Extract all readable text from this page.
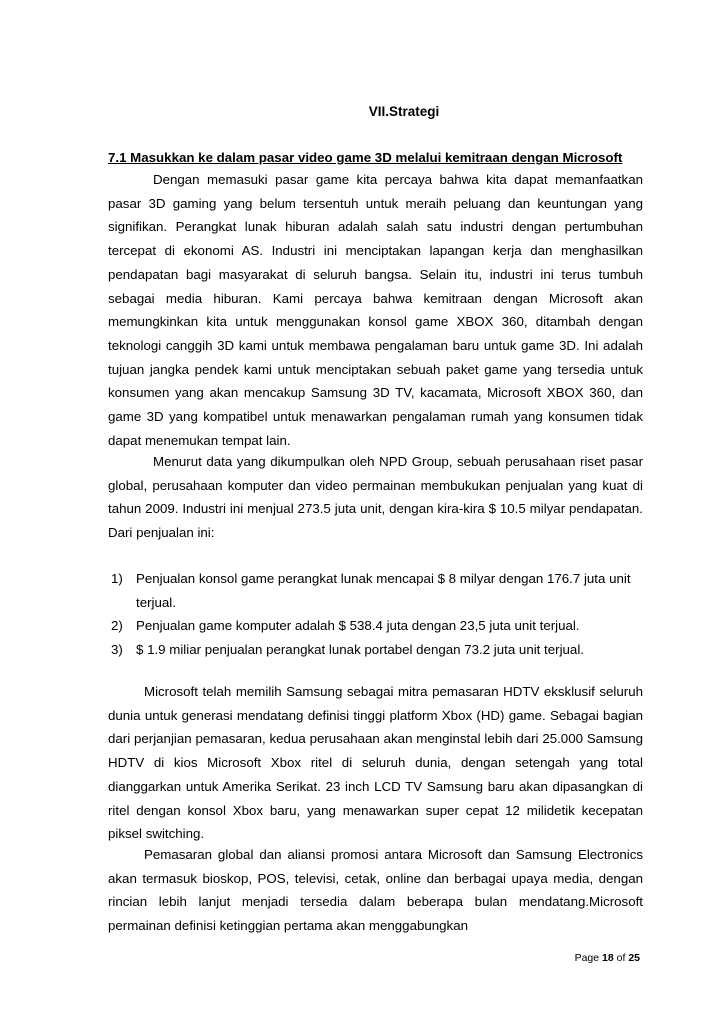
VII.Strategi
7.1 Masukkan ke dalam pasar video game 3D melalui kemitraan dengan Microsoft
Dengan memasuki pasar game kita percaya bahwa kita dapat memanfaatkan pasar 3D gaming yang belum tersentuh untuk meraih peluang dan keuntungan yang signifikan. Perangkat lunak hiburan adalah salah satu industri dengan pertumbuhan tercepat di ekonomi AS. Industri ini menciptakan lapangan kerja dan menghasilkan pendapatan bagi masyarakat di seluruh bangsa. Selain itu, industri ini terus tumbuh sebagai media hiburan. Kami percaya bahwa kemitraan dengan Microsoft akan memungkinkan kita untuk menggunakan konsol game XBOX 360, ditambah dengan teknologi canggih 3D kami untuk membawa pengalaman baru untuk game 3D. Ini adalah tujuan jangka pendek kami untuk menciptakan sebuah paket game yang tersedia untuk konsumen yang akan mencakup Samsung 3D TV, kacamata, Microsoft XBOX 360, dan game 3D yang kompatibel untuk menawarkan pengalaman rumah yang konsumen tidak dapat menemukan tempat lain.
Menurut data yang dikumpulkan oleh NPD Group, sebuah perusahaan riset pasar global, perusahaan komputer dan video permainan membukukan penjualan yang kuat di tahun 2009. Industri ini menjual 273.5 juta unit, dengan kira-kira $ 10.5 milyar pendapatan. Dari penjualan ini:
1) Penjualan konsol game perangkat lunak mencapai $ 8 milyar dengan 176.7 juta unit terjual.
2) Penjualan game komputer adalah $ 538.4 juta dengan 23,5 juta unit terjual.
3) $ 1.9 miliar penjualan perangkat lunak portabel dengan 73.2 juta unit terjual.
Microsoft telah memilih Samsung sebagai mitra pemasaran HDTV eksklusif seluruh dunia untuk generasi mendatang definisi tinggi platform Xbox (HD) game. Sebagai bagian dari perjanjian pemasaran, kedua perusahaan akan menginstal lebih dari 25.000 Samsung HDTV di kios Microsoft Xbox ritel di seluruh dunia, dengan setengah yang total dianggarkan untuk Amerika Serikat. 23 inch LCD TV Samsung baru akan dipasangkan di ritel dengan konsol Xbox baru, yang menawarkan super cepat 12 milidetik kecepatan piksel switching.
Pemasaran global dan aliansi promosi antara Microsoft dan Samsung Electronics akan termasuk bioskop, POS, televisi, cetak, online dan berbagai upaya media, dengan rincian lebih lanjut menjadi tersedia dalam beberapa bulan mendatang.Microsoft permainan definisi ketinggian pertama akan menggabungkan
Page 18 of 25
